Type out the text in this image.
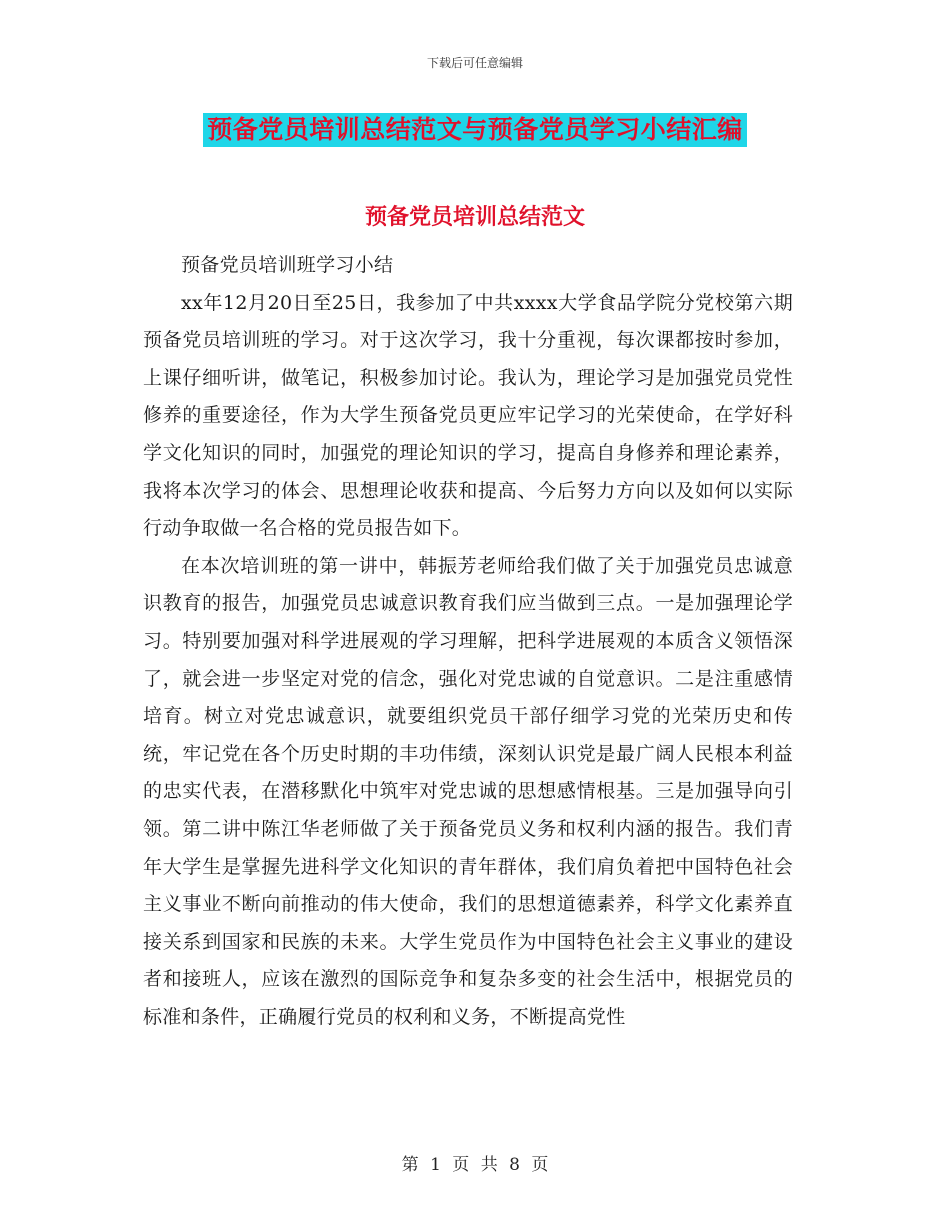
下载后可任意编辑
预备党员培训总结范文与预备党员学习小结汇编
预备党员培训总结范文

预备党员培训班学习小结

xx年12月20日至25日，我参加了中共xxxx大学食品学院分党校第六期预备党员培训班的学习。对于这次学习，我十分重视，每次课都按时参加，上课仔细听讲，做笔记，积极参加讨论。我认为，理论学习是加强党员党性修养的重要途径，作为大学生预备党员更应牢记学习的光荣使命，在学好科学文化知识的同时，加强党的理论知识的学习，提高自身修养和理论素养，我将本次学习的体会、思想理论收获和提高、今后努力方向以及如何以实际行动争取做一名合格的党员报告如下。

在本次培训班的第一讲中，韩振芳老师给我们做了关于加强党员忠诚意识教育的报告，加强党员忠诚意识教育我们应当做到三点。一是加强理论学习。特别要加强对科学进展观的学习理解，把科学进展观的本质含义领悟深了，就会进一步坚定对党的信念，强化对党忠诚的自觉意识。二是注重感情培育。树立对党忠诚意识，就要组织党员干部仔细学习党的光荣历史和传统，牢记党在各个历史时期的丰功伟绩，深刻认识党是最广阔人民根本利益的忠实代表，在潜移默化中筑牢对党忠诚的思想感情根基。三是加强导向引领。第二讲中陈江华老师做了关于预备党员义务和权利内涵的报告。我们青年大学生是掌握先进科学文化知识的青年群体，我们肩负着把中国特色社会主义事业不断向前推动的伟大使命，我们的思想道德素养，科学文化素养直接关系到国家和民族的未来。大学生党员作为中国特色社会主义事业的建设者和接班人，应该在激烈的国际竞争和复杂多变的社会生活中，根据党员的标准和条件，正确履行党员的权利和义务，不断提高党性

第 1 页 共 8 页
